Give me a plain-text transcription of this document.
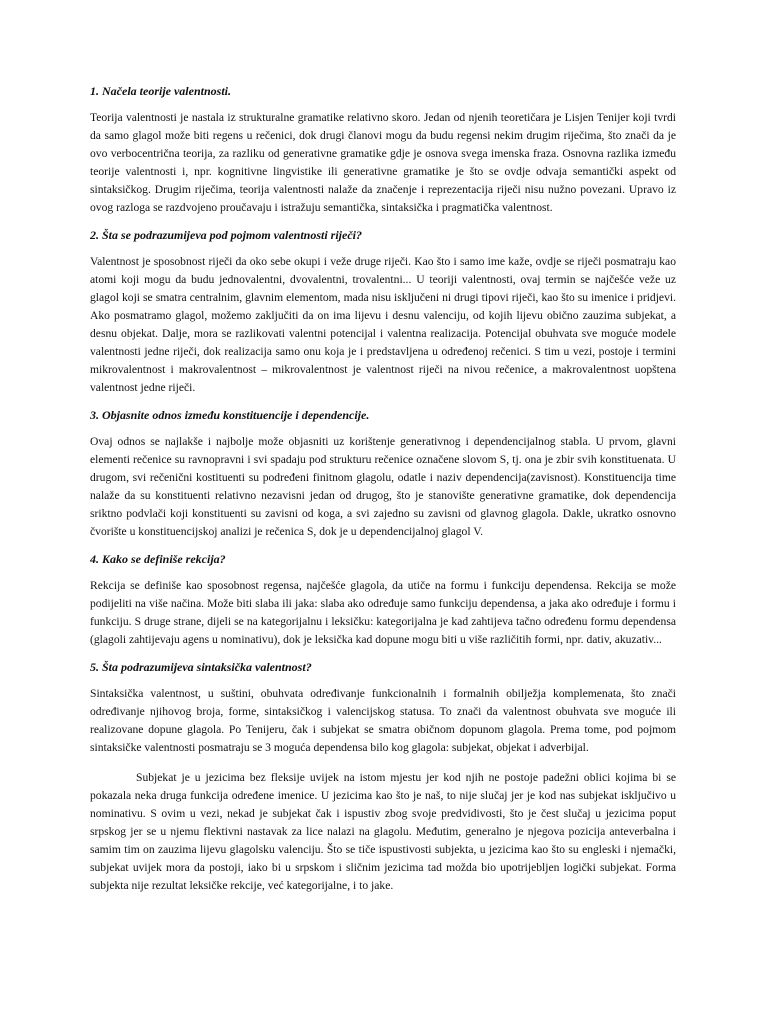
1. Načela teorije valentnosti.
Teorija valentnosti je nastala iz strukturalne gramatike relativno skoro. Jedan od njenih teoretičara je Lisjen Tenijer koji tvrdi da samo glagol može biti regens u rečenici, dok drugi članovi mogu da budu regensi nekim drugim riječima, što znači da je ovo verbocentrična teorija, za razliku od generativne gramatike gdje je osnova svega imenska fraza. Osnovna razlika između teorije valentnosti i, npr. kognitivne lingvistike ili generativne gramatike je što se ovdje odvaja semantički aspekt od sintaksičkog. Drugim riječima, teorija valentnosti nalaže da značenje i reprezentacija riječi nisu nužno povezani. Upravo iz ovog razloga se razdvojeno proučavaju i istražuju semantička, sintaksička i pragmatička valentnost.
2. Šta se podrazumijeva pod pojmom valentnosti riječi?
Valentnost je sposobnost riječi da oko sebe okupi i veže druge riječi. Kao što i samo ime kaže, ovdje se riječi posmatraju kao atomi koji mogu da budu jednovalentni, dvovalentni, trovalentni... U teoriji valentnosti, ovaj termin se najčešće veže uz glagol koji se smatra centralnim, glavnim elementom, mada nisu isključeni ni drugi tipovi riječi, kao što su imenice i pridjevi. Ako posmatramo glagol, možemo zaključiti da on ima lijevu i desnu valenciju, od kojih lijevu obično zauzima subjekat, a desnu objekat. Dalje, mora se razlikovati valentni potencijal i valentna realizacija. Potencijal obuhvata sve moguće modele valentnosti jedne riječi, dok realizacija samo onu koja je i predstavljena u određenoj rečenici. S tim u vezi, postoje i termini mikrovalentnost i makrovalentnost – mikrovalentnost je valentnost riječi na nivou rečenice, a makrovalentnost uopštena valentnost jedne riječi.
3. Objasnite odnos između konstituencije i dependencije.
Ovaj odnos se najlakše i najbolje može objasniti uz korištenje generativnog i dependencijalnog stabla. U prvom, glavni elementi rečenice su ravnopravni i svi spadaju pod strukturu rečenice označene slovom S, tj. ona je zbir svih konstituenata. U drugom, svi rečenični kostituenti su podređeni finitnom glagolu, odatle i naziv dependencija(zavisnost). Konstituencija time nalaže da su konstituenti relativno nezavisni jedan od drugog, što je stanovište generativne gramatike, dok dependencija sriktno podvlači koji konstituenti su zavisni od koga, a svi zajedno su zavisni od glavnog glagola. Dakle, ukratko osnovno čvorište u konstituencijskoj analizi je rečenica S, dok je u dependencijalnoj glagol V.
4. Kako se definiše rekcija?
Rekcija se definiše kao sposobnost regensa, najčešće glagola, da utiče na formu i funkciju dependensa. Rekcija se može podijeliti na više načina. Može biti slaba ili jaka: slaba ako određuje samo funkciju dependensa, a jaka ako određuje i formu i funkciju. S druge strane, dijeli se na kategorijalnu i leksičku: kategorijalna je kad zahtijeva tačno određenu formu dependensa (glagoli zahtijevaju agens u nominativu), dok je leksička kad dopune mogu biti u više različitih formi, npr. dativ, akuzativ...
5. Šta podrazumijeva sintaksička valentnost?
Sintaksička valentnost, u suštini, obuhvata određivanje funkcionalnih i formalnih obilježja komplemenata, što znači određivanje njihovog broja, forme, sintaksičkog i valencijskog statusa. To znači da valentnost obuhvata sve moguće ili realizovane dopune glagola. Po Tenijeru, čak i subjekat se smatra običnom dopunom glagola. Prema tome, pod pojmom sintaksičke valentnosti posmatraju se 3 moguća dependensa bilo kog glagola: subjekat, objekat i adverbijal.
Subjekat je u jezicima bez fleksije uvijek na istom mjestu jer kod njih ne postoje padežni oblici kojima bi se pokazala neka druga funkcija određene imenice. U jezicima kao što je naš, to nije slučaj jer je kod nas subjekat isključivo u nominativu. S ovim u vezi, nekad je subjekat čak i ispustiv zbog svoje predvidivosti, što je čest slučaj u jezicima poput srpskog jer se u njemu flektivni nastavak za lice nalazi na glagolu. Međutim, generalno je njegova pozicija anteverbalna i samim tim on zauzima lijevu glagolsku valenciju. Što se tiče ispustivosti subjekta, u jezicima kao što su engleski i njemački, subjekat uvijek mora da postoji, iako bi u srpskom i sličnim jezicima tad možda bio upotrijebljen logički subjekat. Forma subjekta nije rezultat leksičke rekcije, već kategorijalne, i to jake.
